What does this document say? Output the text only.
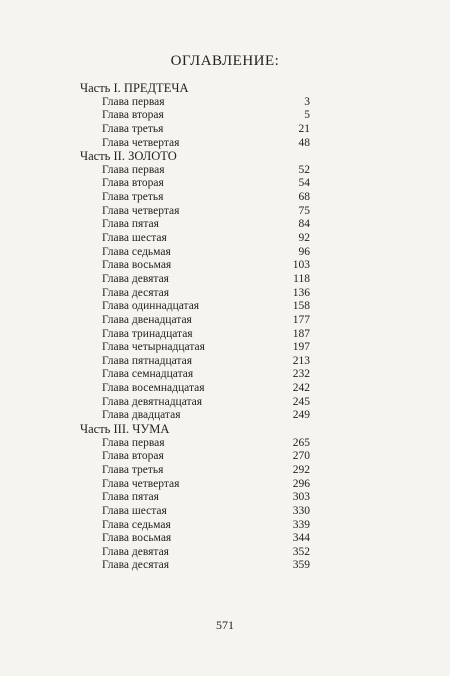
ОГЛАВЛЕНИЕ:
Часть I. ПРЕДТЕЧА
Глава первая	3
Глава вторая	5
Глава третья	21
Глава четвертая	48
Часть II. ЗОЛОТО
Глава первая	52
Глава вторая	54
Глава третья	68
Глава четвертая	75
Глава пятая	84
Глава шестая	92
Глава седьмая	96
Глава восьмая	103
Глава девятая	118
Глава десятая	136
Глава одиннадцатая	158
Глава двенадцатая	177
Глава тринадцатая	187
Глава четырнадцатая	197
Глава пятнадцатая	213
Глава семнадцатая	232
Глава восемнадцатая	242
Глава девятнадцатая	245
Глава двадцатая	249
Часть III. ЧУМА
Глава первая	265
Глава вторая	270
Глава третья	292
Глава четвертая	296
Глава пятая	303
Глава шестая	330
Глава седьмая	339
Глава восьмая	344
Глава девятая	352
Глава десятая	359
571
